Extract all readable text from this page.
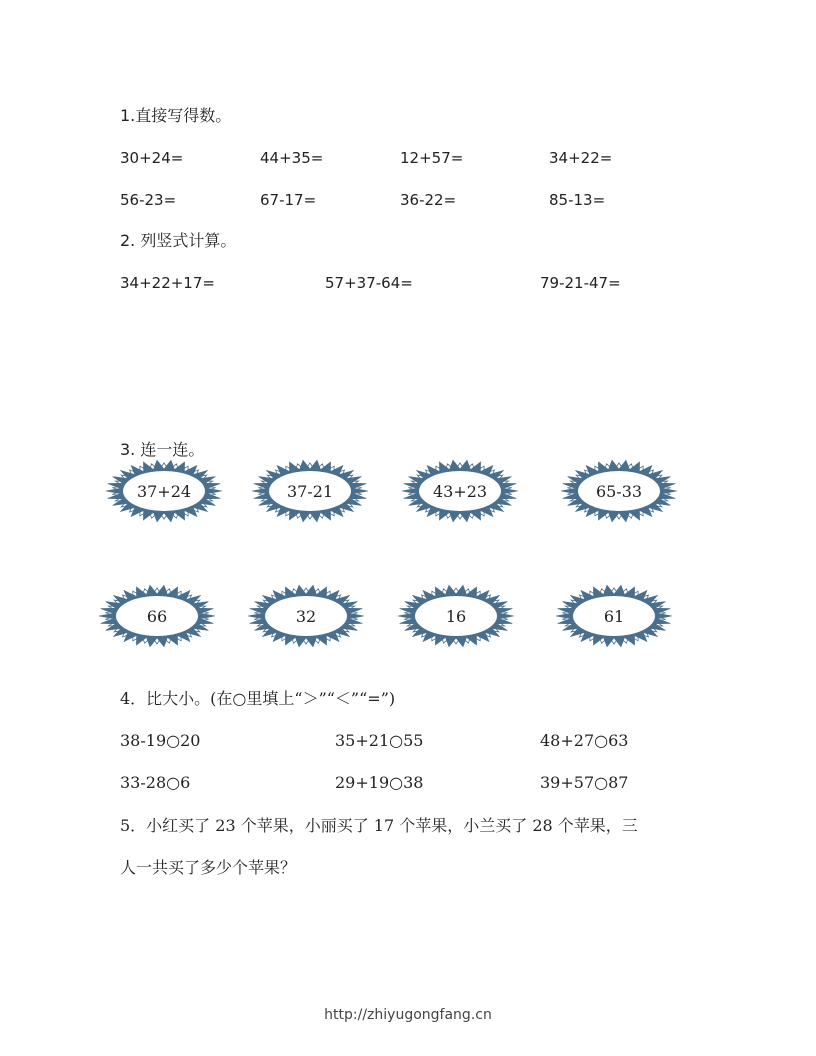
1.直接写得数。
30+24=	44+35=	12+57=	34+22=
56-23=	67-17=	36-22=	85-13=
2. 列竖式计算。
34+22+17=	57+37-64=	79-21-47=
3. 连一连。
37+24	37-21	43+23	65-33
66	32	16	61
4．比大小。(在○里填上“＞”“＜”“=”)
38-19○20	35+21○55	48+27○63
33-28○6	29+19○38	39+57○87
5．小红买了 23 个苹果，小丽买了 17 个苹果，小兰买了 28 个苹果，三
人一共买了多少个苹果？
http://zhiyugongfang.cn
